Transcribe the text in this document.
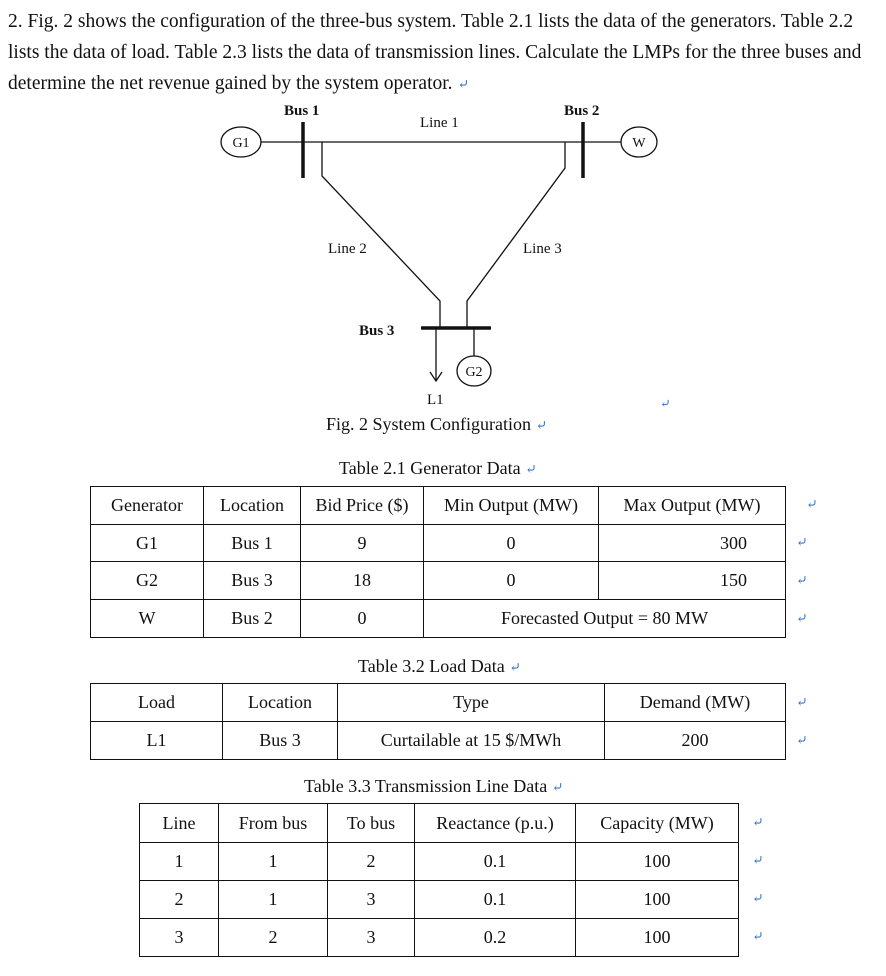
2. Fig. 2 shows the configuration of the three-bus system. Table 2.1 lists the data of the generators. Table 2.2 lists the data of load. Table 2.3 lists the data of transmission lines. Calculate the LMPs for the three buses and determine the net revenue gained by the system operator. ⤶
Bus 1	Bus 2
Line 1
Line 2	Line 3
Bus 3
G1	W
G2
L1	⤶
Fig. 2 System Configuration ⤶
Table 2.1 Generator Data ⤶
Generator	Location	Bid Price ($)	Min Output (MW)	Max Output (MW)
G1	Bus 1	9	0	300
G2	Bus 3	18	0	150
W	Bus 2	0	Forecasted Output = 80 MW	
Table 3.2 Load Data ⤶
Load	Location	Type	Demand (MW)
L1	Bus 3	Curtailable at 15 $/MWh	200
Table 3.3 Transmission Line Data ⤶
Line	From bus	To bus	Reactance (p.u.)	Capacity (MW)
1	1	2	0.1	100
2	1	3	0.1	100
3	2	3	0.2	100
⤶
⤶
⤶
⤶
⤶
⤶
⤶
⤶
⤶
⤶
